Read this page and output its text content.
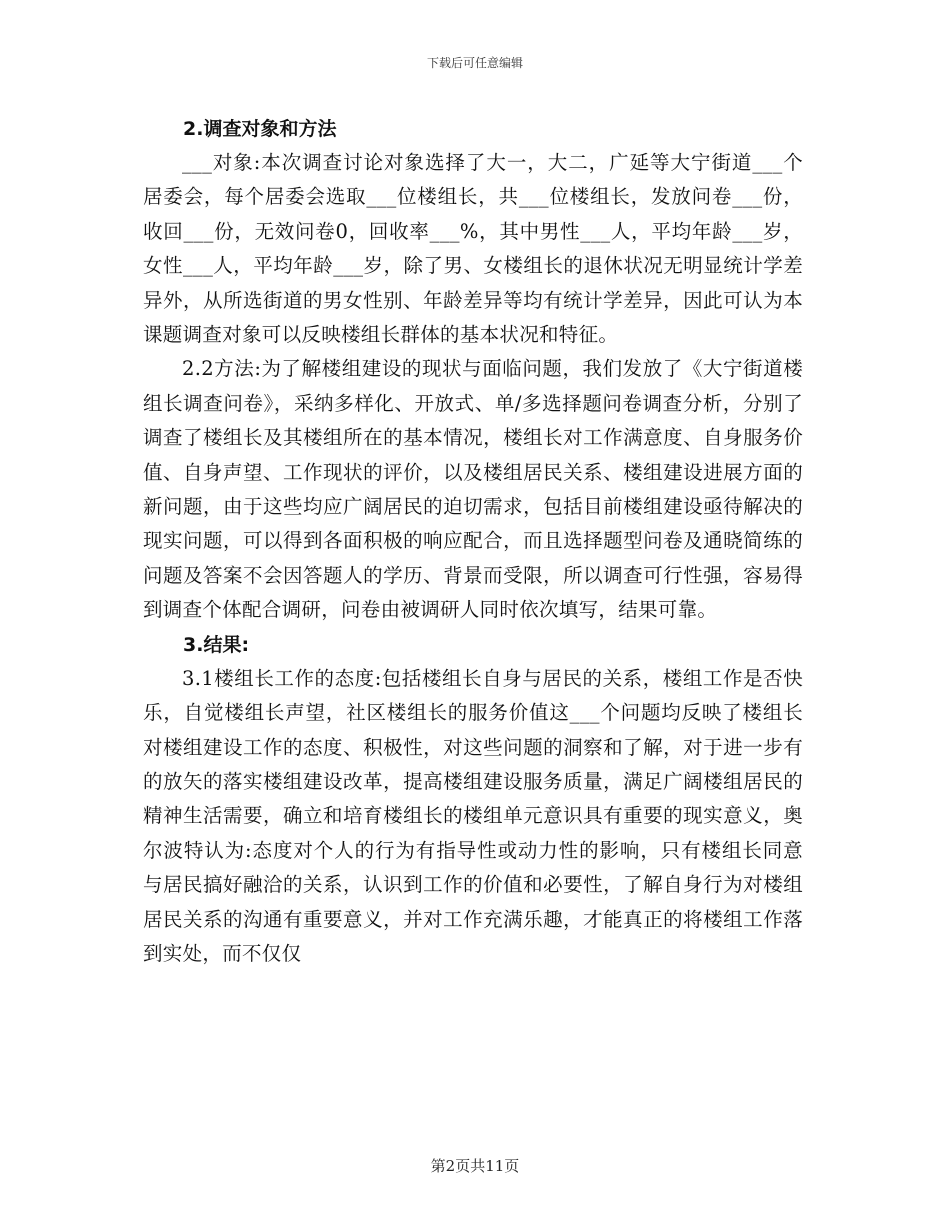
下载后可任意编辑

2.调查对象和方法

___对象:本次调查讨论对象选择了大一，大二，广延等大宁街道___个居委会，每个居委会选取___位楼组长，共___位楼组长，发放问卷___份，收回___份，无效问卷0，回收率___%，其中男性___人，平均年龄___岁，女性___人，平均年龄___岁，除了男、女楼组长的退休状况无明显统计学差异外，从所选街道的男女性别、年龄差异等均有统计学差异，因此可认为本课题调查对象可以反映楼组长群体的基本状况和特征。

2.2方法:为了解楼组建设的现状与面临问题，我们发放了《大宁街道楼组长调查问卷》，采纳多样化、开放式、单/多选择题问卷调查分析，分别了调查了楼组长及其楼组所在的基本情况，楼组长对工作满意度、自身服务价值、自身声望、工作现状的评价，以及楼组居民关系、楼组建设进展方面的新问题，由于这些均应广阔居民的迫切需求，包括目前楼组建设亟待解决的现实问题，可以得到各面积极的响应配合，而且选择题型问卷及通晓简练的问题及答案不会因答题人的学历、背景而受限，所以调查可行性强，容易得到调查个体配合调研，问卷由被调研人同时依次填写，结果可靠。

3.结果:

3.1楼组长工作的态度:包括楼组长自身与居民的关系，楼组工作是否快乐，自觉楼组长声望，社区楼组长的服务价值这___个问题均反映了楼组长对楼组建设工作的态度、积极性，对这些问题的洞察和了解，对于进一步有的放矢的落实楼组建设改革，提高楼组建设服务质量，满足广阔楼组居民的精神生活需要，确立和培育楼组长的楼组单元意识具有重要的现实意义，奥尔波特认为:态度对个人的行为有指导性或动力性的影响，只有楼组长同意与居民搞好融洽的关系，认识到工作的价值和必要性，了解自身行为对楼组居民关系的沟通有重要意义，并对工作充满乐趣，才能真正的将楼组工作落到实处，而不仅仅

第2页共11页
